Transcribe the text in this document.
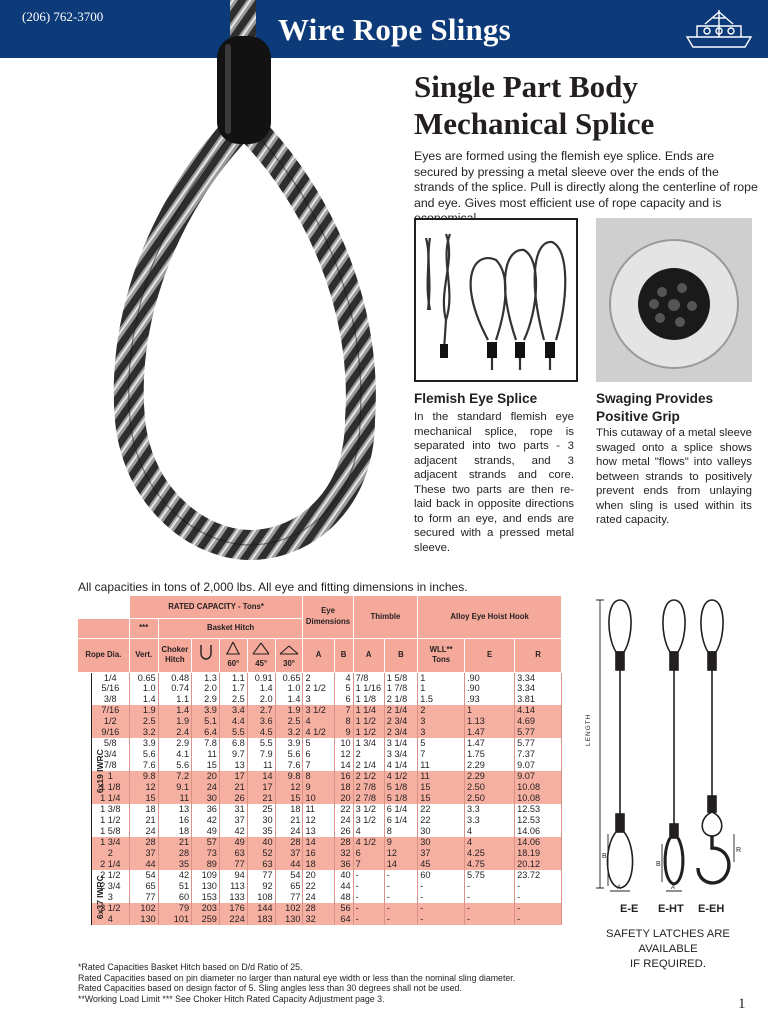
(206) 762-3700	Wire Rope Slings
Single Part Body
Mechanical Splice
Eyes are formed using the flemish eye splice. Ends are secured by pressing a metal sleeve over the ends of the strands of the splice. Pull is directly along the centerline of rope and eye. Gives most efficient use of rope capacity and is
Flemish Eye Splice
In the standard flemish eye mechanical splice, rope is separated into two parts - 3 adjacent strands, and 3 adjacent strands and core. These two parts are then re-laid back in opposite directions to form an eye, and ends are secured with a pressed metal sleeve.
Swaging Provides
Positive Grip
This cutaway of a metal sleeve swaged onto a splice shows how metal "flows" into valleys between strands to positively prevent ends from unlaying when sling is used within its rated capacity.
All capacities in tons of 2,000 lbs. All eye and fitting dimensions in inches.
		RATED CAPACITY - Tons*						Eye Dimensions		Thimble		Alloy Eye Hoist Hook		
		***	Basket Hitch											
Rope Dia.		Vert.	Choker Hitch		60°	45°	30°	A	B	A	B	WLL**
Tons	E	R
6x19 IWRC	1/4	0.65	0.48	1.3	1.1	0.91	0.65	2	4	7/8	1 5/8	1	.90	3.34
	5/16	1.0	0.74	2.0	1.7	1.4	1.0	2 1/2	5	1 1/16	1 7/8	1	.90	3.34
	3/8	1.4	1.1	2.9	2.5	2.0	1.4	3	6	1 1/8	2 1/8	1.5	.93	3.81
	7/16	1.9	1.4	3.9	3.4	2.7	1.9	3 1/2	7	1 1/4	2 1/4	2	1	4.14
	1/2	2.5	1.9	5.1	4.4	3.6	2.5	4	8	1 1/2	2 3/4	3	1.13	4.69
	9/16	3.2	2.4	6.4	5.5	4.5	3.2	4 1/2	9	1 1/2	2 3/4	3	1.47	5.77
	5/8	3.9	2.9	7.8	6.8	5.5	3.9	5	10	1 3/4	3 1/4	5	1.47	5.77
	3/4	5.6	4.1	11	9.7	7.9	5.6	6	12	2	3 3/4	7	1.75	7.37
	7/8	7.6	5.6	15	13	11	7.6	7	14	2 1/4	4 1/4	11	2.29	9.07
	1	9.8	7.2	20	17	14	9.8	8	16	2 1/2	4 1/2	11	2.29	9.07
	1 1/8	12	9.1	24	21	17	12	9	18	2 7/8	5 1/8	15	2.50	10.08
	1 1/4	15	11	30	26	21	15	10	20	2 7/8	5 1/8	15	2.50	10.08
	1 3/8	18	13	36	31	25	18	11	22	3 1/2	6 1/4	22	3.3	12.53
	1 1/2	21	16	42	37	30	21	12	24	3 1/2	6 1/4	22	3.3	12.53
	1 5/8	24	18	49	42	35	24	13	26	4	8	30	4	14.06
	1 3/4	28	21	57	49	40	28	14	28	4 1/2	9	30	4	14.06
	2	37	28	73	63	52	37	16	32	6	12	37	4.25	18.19
	2 1/4	44	35	89	77	63	44	18	36	7	14	45	4.75	20.12
6x37 IWRC	2 1/2	54	42	109	94	77	54	20	40	-	-	60	5.75	23.72
	2 3/4	65	51	130	113	92	65	22	44	-	-	-	-	-
	3	77	60	153	133	108	77	24	48	-	-	-	-	-
	3 1/2	102	79	203	176	144	102	28	56	-	-	-	-	-
	4	130	101	259	224	183	130	32	64	-	-	-	-	-
*Rated Capacities Basket Hitch based on D/d Ratio of 25.
Rated Capacities based on pin diameter no larger than natural eye width or less than the nominal sling diameter.
Rated Capacities based on design factor of 5. Sling angles less than 30 degrees shall not be used.
**Working Load Limit *** See Choker Hitch Rated Capacity Adjustment page 3.
LENGTH
B
B
R
A	A
E-E E-HT E-EH
SAFETY LATCHES ARE AVAILABLE
IF REQUIRED.
1
